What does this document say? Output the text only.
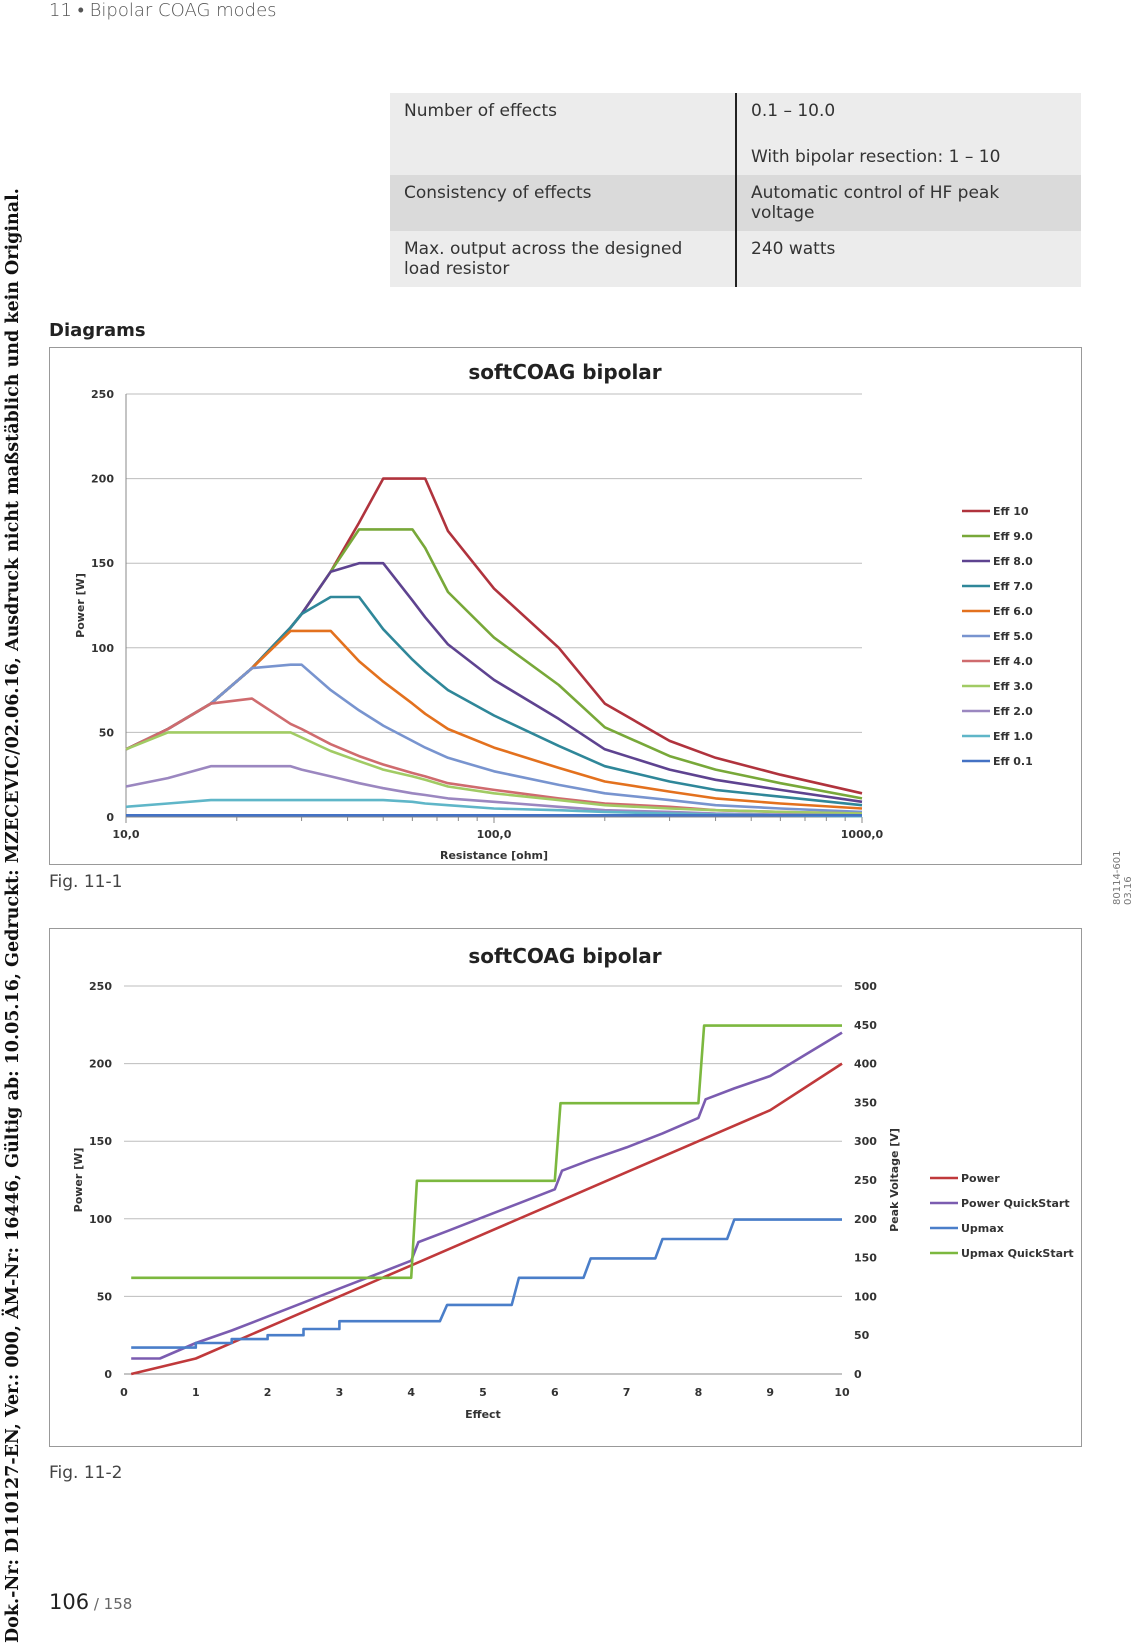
11 • Bipolar COAG modes
Dok.-Nr: D110127-EN, Ver.: 000, ÄM-Nr: 16446, Gültig ab: 10.05.16, Gedruckt: MZECEVIC/02.06.16, Ausdruck nicht maßstäblich und kein Original.	80114-601 03.16
Number of effects	0.1 – 10.0
With bipolar resection: 1 – 10

Consistency of effects	Automatic control of HF peak voltage
Max. output across the designed load resistor	240 watts
Diagrams
softCOAG bipolar
0
50
100
150
200
250
10,0	100,0	1000,0
Resistance [ohm]
Power [W]
Eff 10
Eff 9.0
Eff 8.0
Eff 7.0
Eff 6.0
Eff 5.0
Eff 4.0
Eff 3.0
Eff 2.0
Eff 1.0
Eff 0.1
Fig. 11-1
softCOAG bipolar
0
50
100
150
200
250
0
50
100
150
200
250
300
350
400
450
500
0	1	2	3	4	5	6	7	8	9	10
Effect
Power [W]	Peak Voltage [V]	Power
Power QuickStart
Upmax
Upmax QuickStart
Fig. 11-2
106 / 158
